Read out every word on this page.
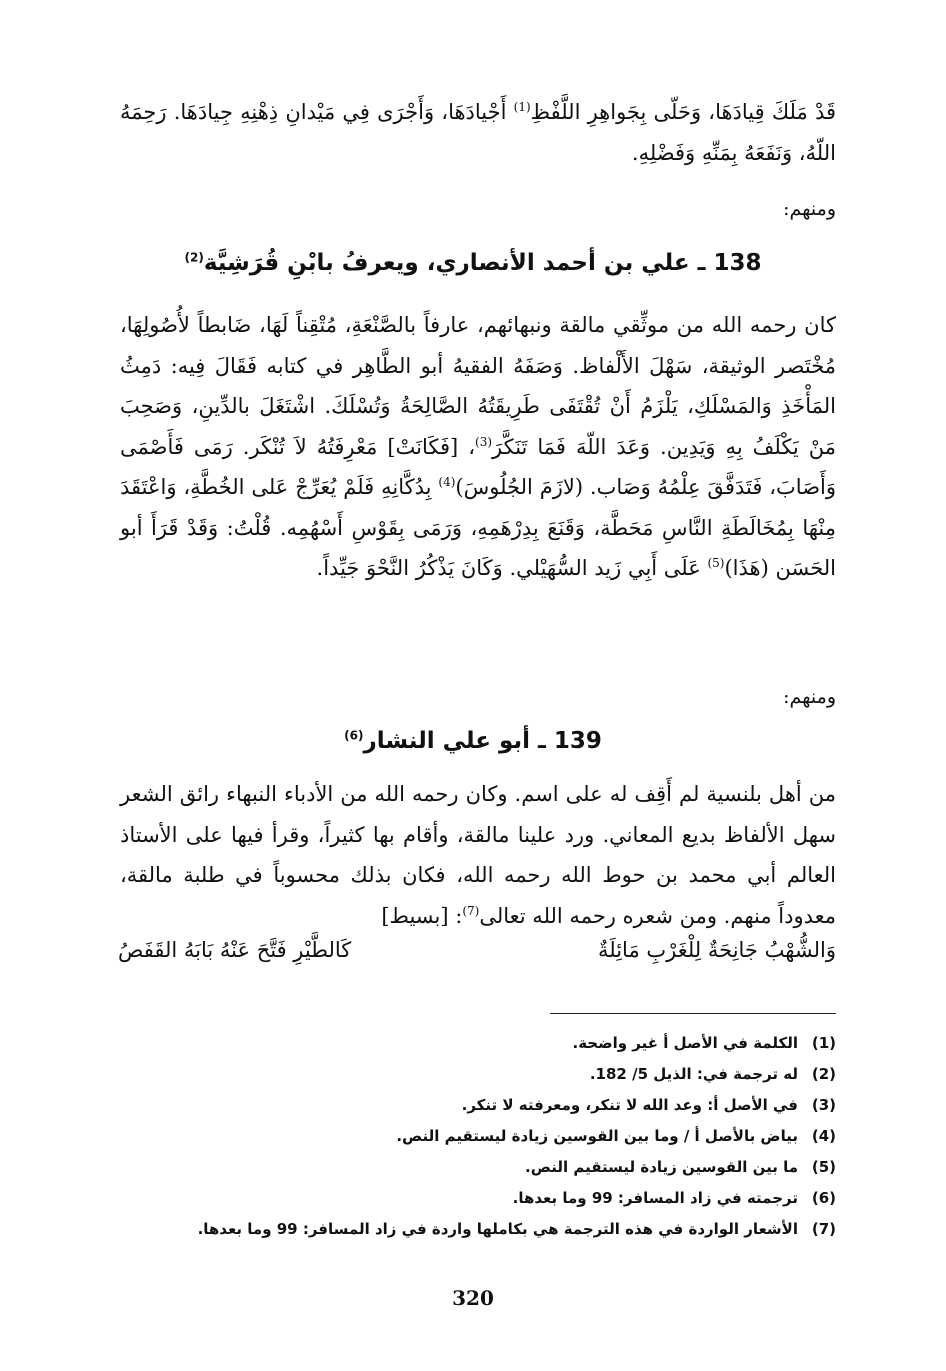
قَدْ مَلَكَ قِيادَهَا، وَحَلّى بِجَواهِرِ اللَّفْظِ$^{(1)}$ أَجْيادَهَا، وَأَجْرَى فِي مَيْدانِ ذِهْنِهِ جِيادَهَا. رَحِمَهُ اللّهُ، وَنَفَعَهُ بِمَنِّهِ وَفَضْلِهِ.

ومنهم:

138 ـ علي بن أحمد الأنصاري، ويعرفُ بابْنِ قُرَشِيَّة$^{(2)}$

كان رحمه الله من موثِّقي مالقة ونبهائهم، عارفاً بالصَّنْعَةِ، مُتْقِناً لَهَا، ضَابطاً لأُصُولِهَا، مُخْتَصر الوثيقة، سَهْلَ الأَلْفاظ. وَصَفَهُ الفقيهُ أبو الطَّاهِر في كتابه فَقَالَ فِيه: دَمِثُ المَأْخَذِ وَالمَسْلَكِ، يَلْزَمُ أَنْ تُقْتَفَى طَرِيقَتُهُ الصَّالِحَةُ وَتُسْلَكَ. اشْتَغَلَ بالدِّينِ، وَصَحِبَ مَنْ يَكْلَفُ بِهِ وَيَدِين. وَعَدَ اللّهَ فَمَا تَنَكَّرَ$^{(3)}$، [فَكَانَتْ] مَعْرِفَتُهُ لاَ تُنْكَر. رَمَى فَأَصْمَى وَأَصَابَ، فَتَدَفَّقَ عِلْمُهُ وَصَاب. (لازَمَ الجُلُوسَ)$^{(4)}$ بِدُكَّانِهِ فَلَمْ يُعَرِّجْ عَلى الخُطَّةِ، وَاعْتَقَدَ مِنْهَا بِمُخَالَطَةِ النَّاسِ مَحَطَّة، وَقَنَعَ بِدِرْهَمِهِ، وَرَمَى بِقَوْسِ أَسْهُمِه. قُلْتُ: وَقَدْ قَرَأَ أبو الحَسَن (هَذَا)$^{(5)}$ عَلَى أَبِي زَيد السُّهَيْلي. وَكَانَ يَذْكُرُ النَّحْوَ جَيِّداً.

ومنهم:

139 ـ أبو علي النشار$^{(6)}$

من أهل بلنسية لم أَقِف له على اسم. وكان رحمه الله من الأدباء النبهاء رائق الشعر سهل الألفاظ بديع المعاني. ورد علينا مالقة، وأقام بها كثيراً، وقرأ فيها على الأستاذ العالم أبي محمد بن حوط الله رحمه الله، فكان بذلك محسوباً في طلبة مالقة، معدوداً منهم. ومن شعره رحمه الله تعالى$^{(7)}$: [بسيط]

وَالشُّهْبُ جَانِحَةٌ لِلْغَرْبِ مَائِلَةٌ
كَالطَّيْرِ فَتَّحَ عَنْهُ بَابَهُ القَفَصُ
(1)الكلمة في الأصل أ غير واضحة.
(2)له ترجمة في: الذيل 5/ 182.
(3)في الأصل أ: وعد الله لا تنكر، ومعرفته لا تنكر.
(4)بياض بالأصل أ / وما بين القوسين زيادة ليستقيم النص.
(5)ما بين القوسين زيادة ليستقيم النص.
(6)ترجمته في زاد المسافر: 99 وما بعدها.
(7)الأشعار الواردة في هذه الترجمة هي بكاملها واردة في زاد المسافر: 99 وما بعدها.
320
